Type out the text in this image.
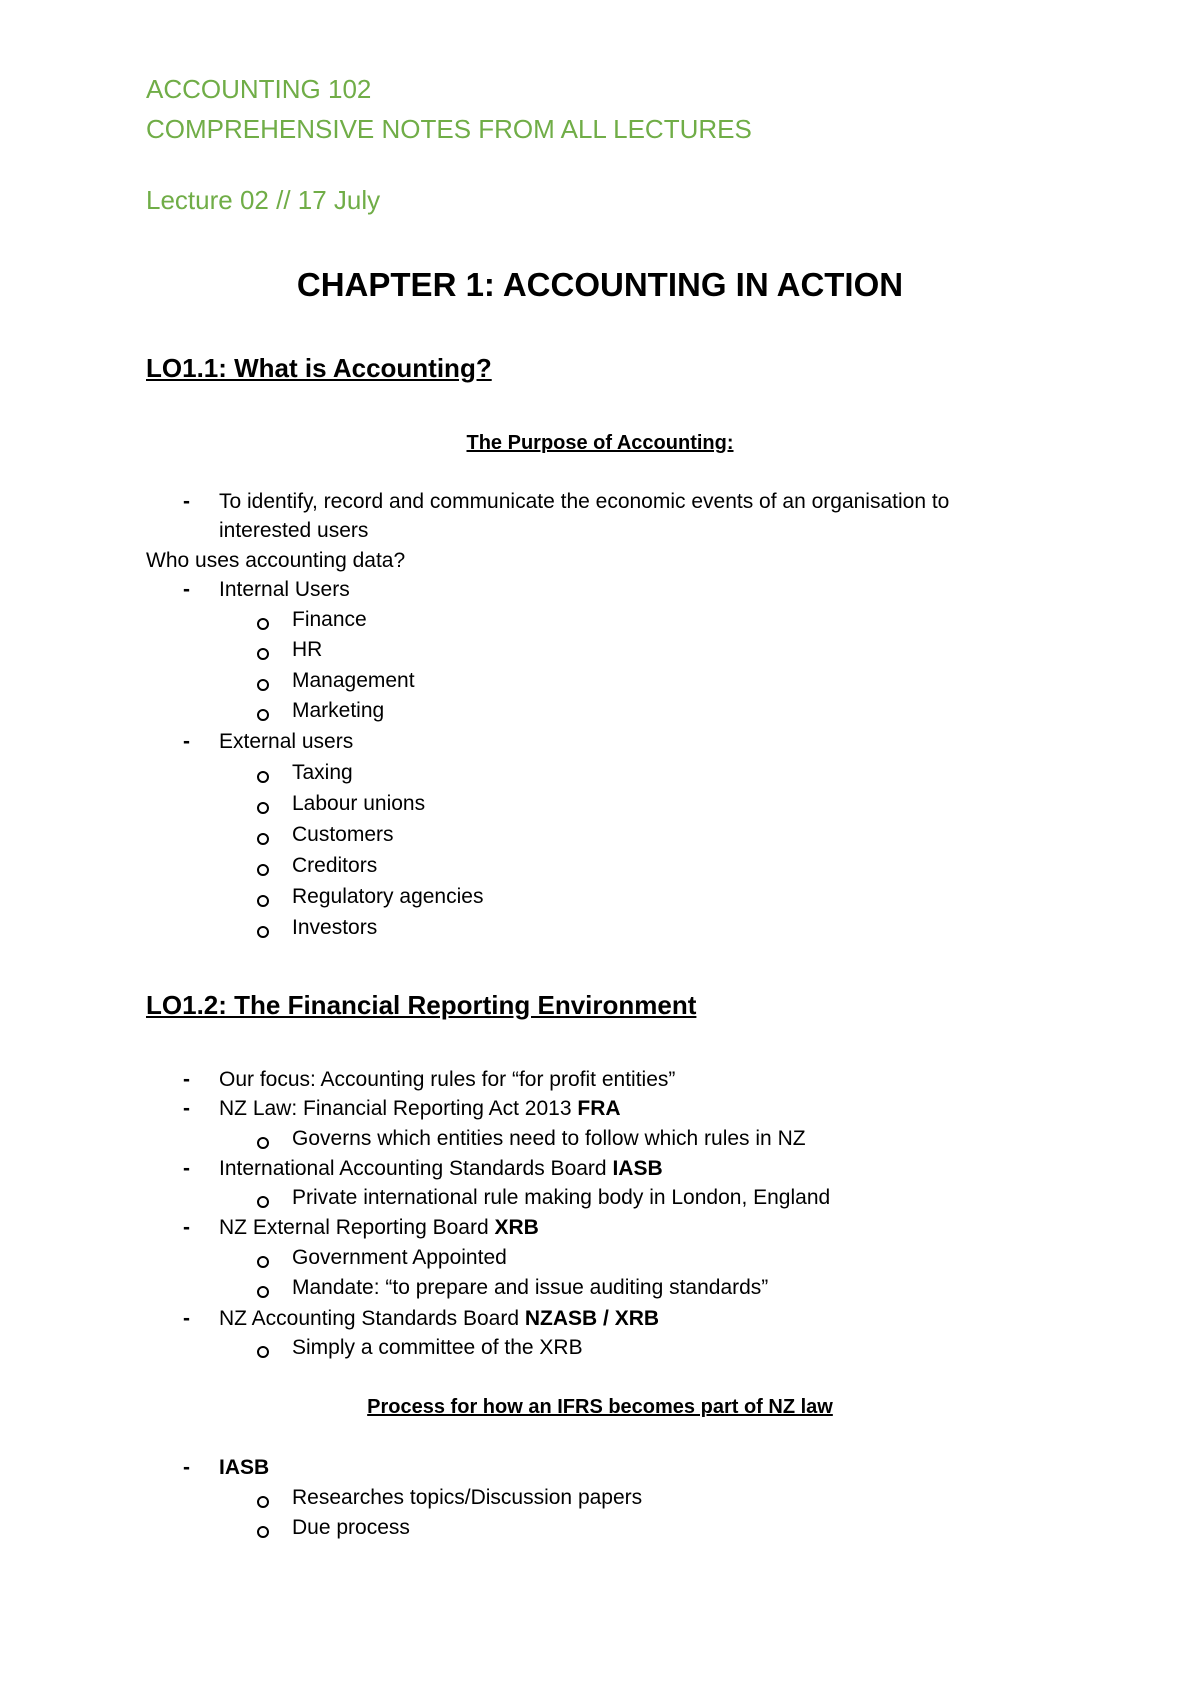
ACCOUNTING 102

COMPREHENSIVE NOTES FROM ALL LECTURES

Lecture 02 // 17 July

CHAPTER 1: ACCOUNTING IN ACTION

LO1.1: What is Accounting?

The Purpose of Accounting:

- To identify, record and communicate the economic events of an organisation to

interested users

Who uses accounting data?

- Internal Users

Finance

HR

Management

Marketing

- External users

Taxing

Labour unions

Customers

Creditors

Regulatory agencies

Investors

LO1.2: The Financial Reporting Environment

- Our focus: Accounting rules for “for profit entities”

- NZ Law: Financial Reporting Act 2013 FRA

Governs which entities need to follow which rules in NZ

- International Accounting Standards Board IASB

Private international rule making body in London, England

- NZ External Reporting Board XRB

Government Appointed

Mandate: “to prepare and issue auditing standards”

- NZ Accounting Standards Board NZASB / XRB

Simply a committee of the XRB

Process for how an IFRS becomes part of NZ law

- IASB

Researches topics/Discussion papers

Due process
